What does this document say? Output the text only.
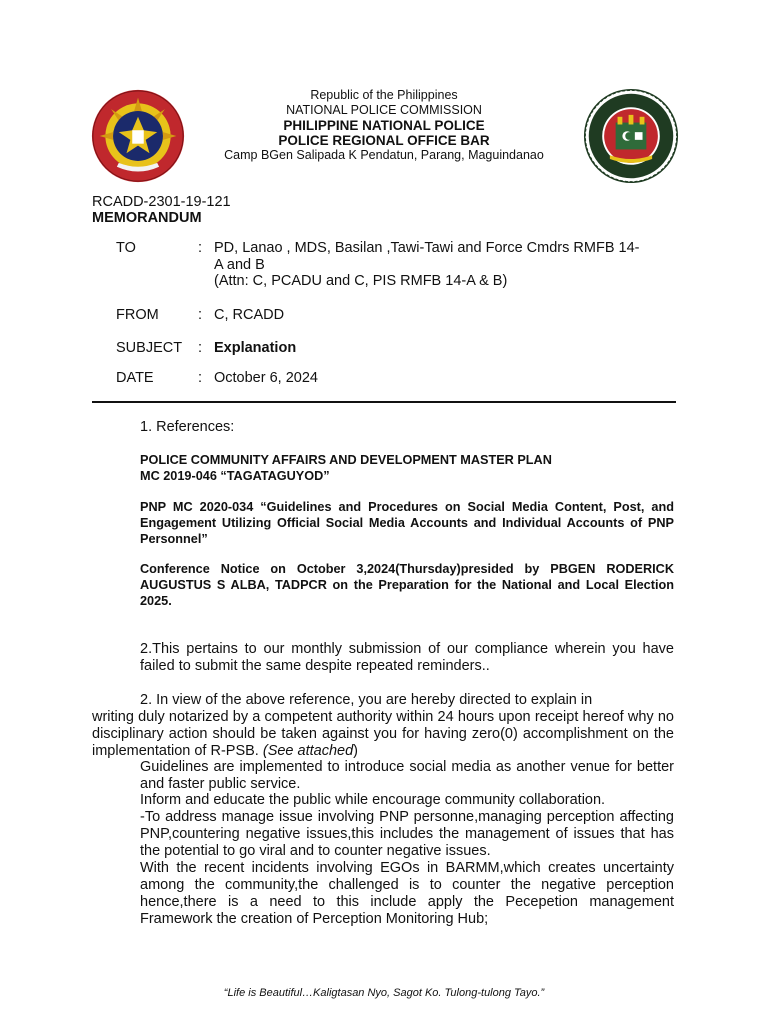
Republic of the Philippines
NATIONAL POLICE COMMISSION
PHILIPPINE NATIONAL POLICE
POLICE REGIONAL OFFICE BAR
Camp BGen Salipada K Pendatun, Parang, Maguindanao
RCADD-2301-19-121
MEMORANDUM
TO	: PD, Lanao , MDS, Basilan ,Tawi-Tawi and Force Cmdrs RMFB 14-
A and B
(Attn: C, PCADU and C, PIS RMFB 14-A & B)
FROM	: C, RCADD
SUBJECT : Explanation
DATE	: October 6, 2024
1. References:
POLICE COMMUNITY AFFAIRS AND DEVELOPMENT MASTER PLAN
MC 2019-046 “TAGATAGUYOD”
PNP MC 2020-034 “Guidelines and Procedures on Social Media Content, Post, and Engagement Utilizing Official Social Media Accounts and Individual Accounts of PNP Personnel”
Conference Notice on October 3,2024(Thursday)presided by PBGEN RODERICK AUGUSTUS S ALBA, TADPCR on the Preparation for the National and Local Election 2025.
2.This pertains to our monthly submission of our compliance wherein you have failed to submit the same despite repeated reminders..
2. In view of the above reference, you are hereby directed to explain in
writing duly notarized by a competent authority within 24 hours upon receipt hereof why no disciplinary action should be taken against you for having zero(0) accomplishment on the implementation of R-PSB. (See attached)
Guidelines are implemented to introduce social media as another venue for better and faster public service.
Inform and educate the public while encourage community collaboration.
-To address manage issue involving PNP personne,managing perception affecting PNP,countering negative issues,this includes the management of issues that has the potential to go viral and to counter negative issues.
With the recent incidents involving EGOs in BARMM,which creates uncertainty among the community,the challenged is to counter the negative perception hence,there is a need to this include apply the Pecepetion management Framework the creation of Perception Monitoring Hub;
“Life is Beautiful…Kaligtasan Nyo, Sagot Ko. Tulong-tulong Tayo.”
